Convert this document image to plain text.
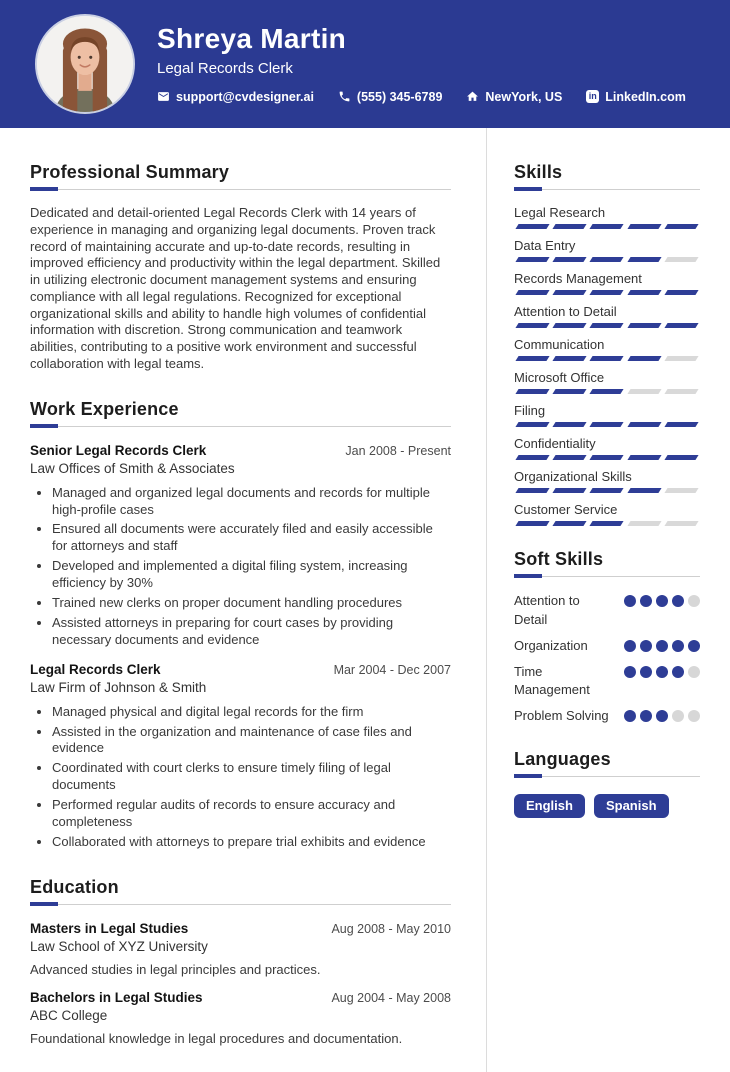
Shreya Martin
Legal Records Clerk
support@cvdesigner.ai	(555) 345-6789	NewYork, US	in LinkedIn.com
Professional Summary

Dedicated and detail-oriented Legal Records Clerk with 14 years of experience in managing and organizing legal documents. Proven track record of maintaining accurate and up-to-date records, resulting in improved efficiency and productivity within the legal department. Skilled in utilizing electronic document management systems and ensuring compliance with all legal regulations. Recognized for exceptional organizational skills and ability to handle high volumes of confidential information with discretion. Strong communication and teamwork abilities, contributing to a positive work environment and successful collaboration with legal teams.

Work Experience
Senior Legal Records Clerk	Jan 2008 - Present
Law Offices of Smith & Associates
• Managed and organized legal documents and records for multiple high-profile cases
• Ensured all documents were accurately filed and easily accessible for attorneys and staff
• Developed and implemented a digital filing system, increasing efficiency by 30%
• Trained new clerks on proper document handling procedures
• Assisted attorneys in preparing for court cases by providing necessary documents and evidence
Legal Records Clerk	Mar 2004 - Dec 2007
Law Firm of Johnson & Smith
• Managed physical and digital legal records for the firm
• Assisted in the organization and maintenance of case files and evidence
• Coordinated with court clerks to ensure timely filing of legal documents
• Performed regular audits of records to ensure accuracy and completeness
• Collaborated with attorneys to prepare trial exhibits and evidence
Education
Masters in Legal Studies	Aug 2008 - May 2010
Law School of XYZ University
Advanced studies in legal principles and practices.
Bachelors in Legal Studies	Aug 2004 - May 2008
ABC College
Foundational knowledge in legal procedures and documentation.
Skills
Legal Research
Data Entry
Records Management
Attention to Detail
Communication
Microsoft Office
Filing
Confidentiality
Organizational Skills
Customer Service
Soft Skills
Attention to Detail
Organization
Time Management
Problem Solving
Languages
English	Spanish
